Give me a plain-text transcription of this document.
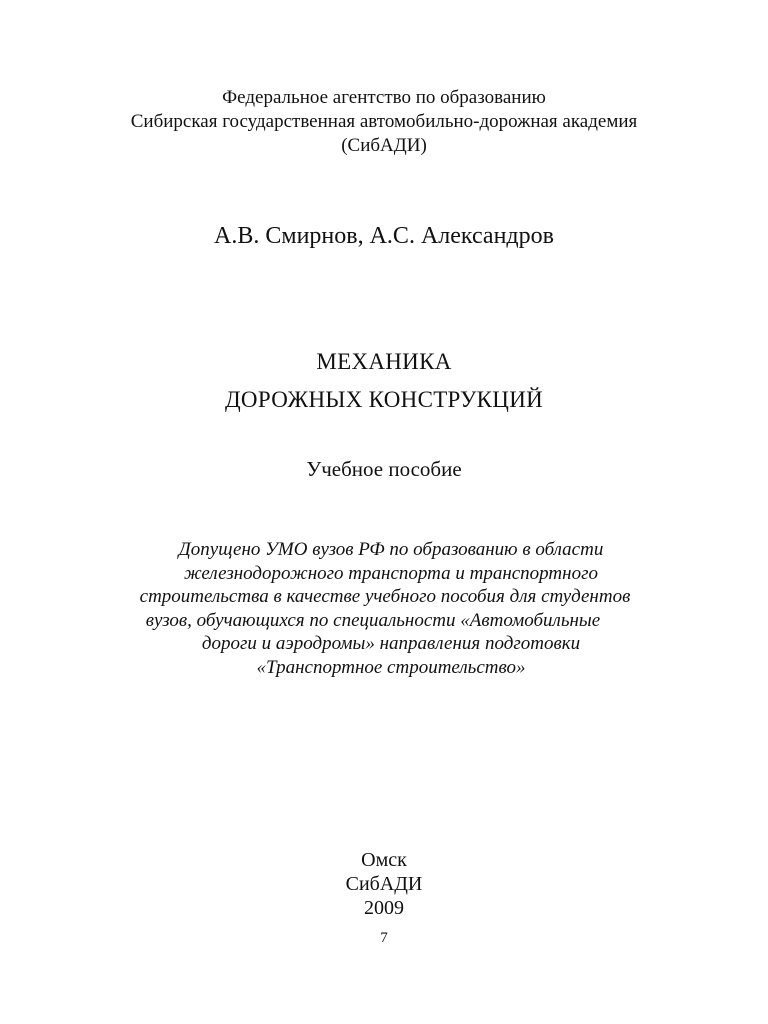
Федеральное агентство по образованию
Сибирская государственная автомобильно-дорожная академия
(СибАДИ)
А.В. Смирнов, А.С. Александров
МЕХАНИКА
ДОРОЖНЫХ КОНСТРУКЦИЙ
Учебное пособие
Допущено УМО вузов РФ по образованию в области
железнодорожного транспорта и транспортного
строительства в качестве учебного пособия для студентов
вузов, обучающихся по специальности «Автомобильные
дороги и аэродромы» направления подготовки
«Транспортное строительство»
Омск
СибАДИ
2009
7
